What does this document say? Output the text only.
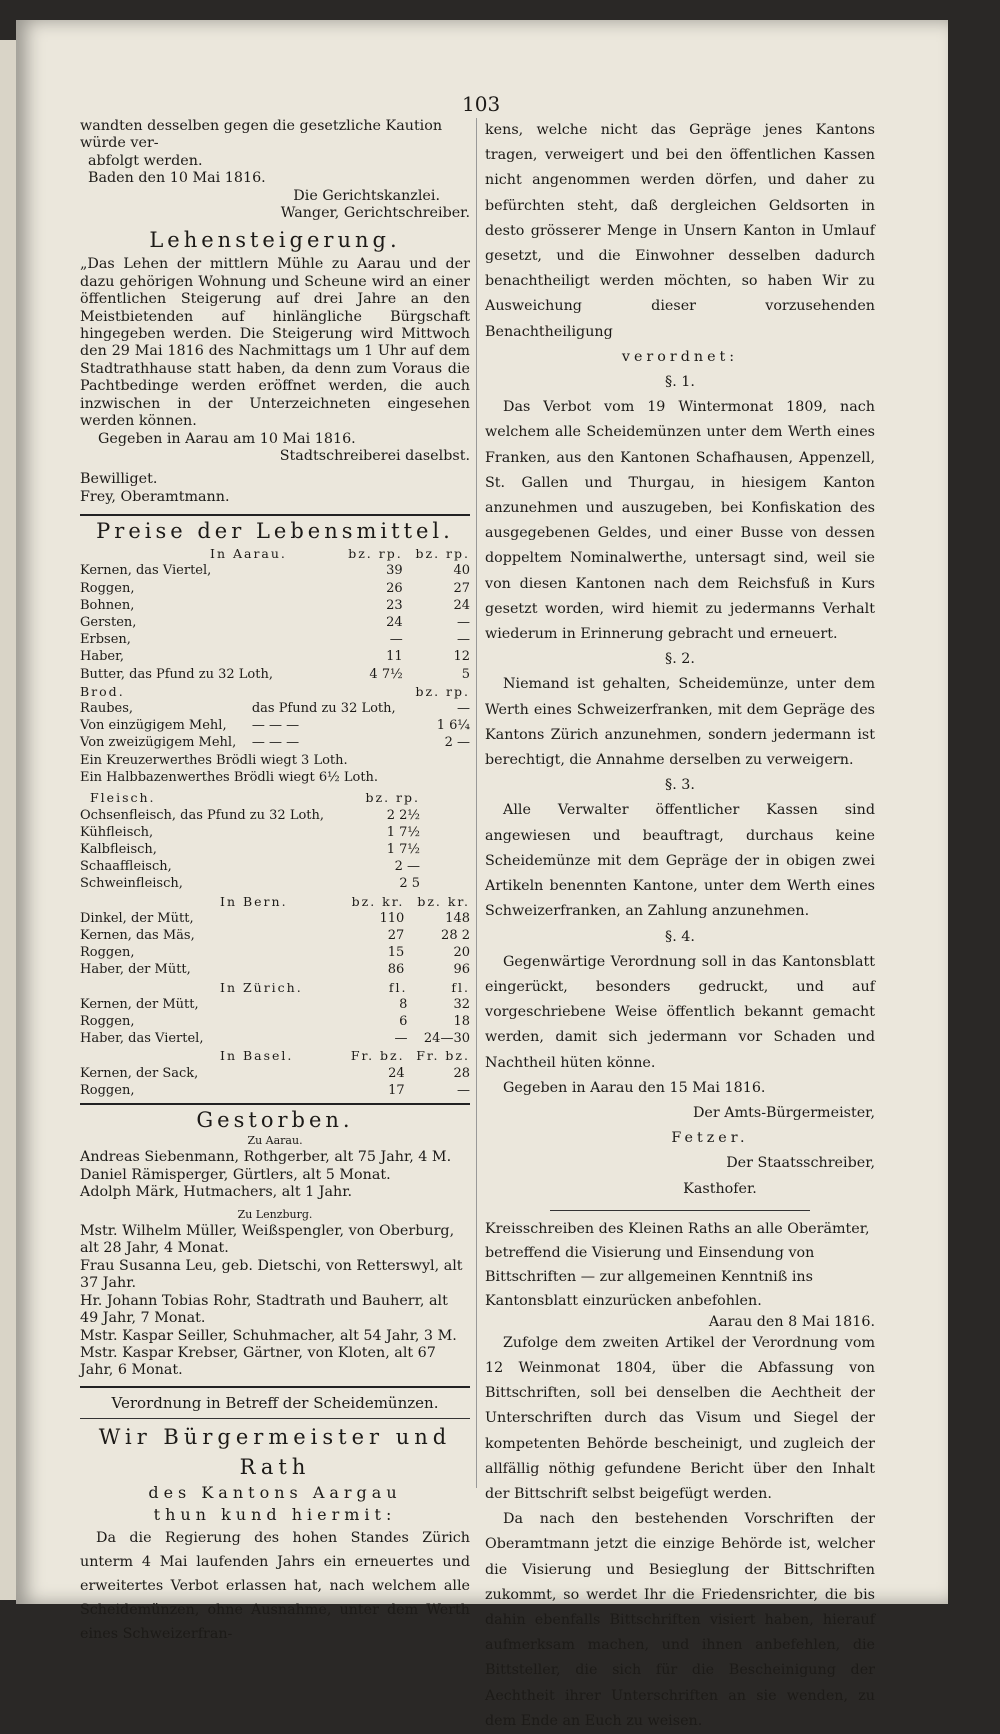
103

wandten desselben gegen die gesetzliche Kaution würde ver-

abfolgt werden.

Baden den 10 Mai 1816.

Die Gerichtskanzlei.

Wanger, Gerichtschreiber.

Lehensteigerung.

„Das Lehen der mittlern Mühle zu Aarau und der dazu gehörigen Wohnung und Scheune wird an einer öffentlichen Steigerung auf drei Jahre an den Meistbietenden auf hinlängliche Bürgschaft hingegeben werden. Die Steigerung wird Mittwoch den 29 Mai 1816 des Nachmittags um 1 Uhr auf dem Stadtrathhause statt haben, da denn zum Voraus die Pachtbedinge werden eröffnet werden, die auch inzwischen in der Unterzeichneten eingesehen werden können.

Gegeben in Aarau am 10 Mai 1816.

Stadtschreiberei daselbst.

Bewilliget.

Frey, Oberamtmann.

Preise der Lebensmittel.
In Aarau.	bz. rp.	bz. rp.
Kernen, das Viertel,	39	40
Roggen,	26	27
Bohnen,	23	24
Gersten,	24	—
Erbsen,	—	—
Haber,	11	12
Butter, das Pfund zu 32 Loth,	4 7½	5
Brod.		bz. rp.
Raubes,	das Pfund zu 32 Loth,	—
Von einzügigem Mehl,	— — —	1 6¼
Von zweizügigem Mehl,	— — —	2 —

Ein Kreuzerwerthes Brödli wiegt 3 Loth.

Ein Halbbazenwerthes Brödli wiegt 6½ Loth.

Fleisch.	bz. rp.
Ochsenfleisch, das Pfund zu 32 Loth,	2 2½
Kühfleisch,	1 7½
Kalbfleisch,	1 7½
Schaaffleisch,	2 —
Schweinfleisch,	2 5
In Bern.	bz. kr.	bz. kr.
Dinkel, der Mütt,	110	148
Kernen, das Mäs,	27	28 2
Roggen,	15	20
Haber, der Mütt,	86	96
In Zürich.	fl.	fl.
Kernen, der Mütt,	8	32
Roggen,	6	18
Haber, das Viertel,	—	24—30
In Basel.	Fr. bz.	Fr. bz.
Kernen, der Sack,	24	28
Roggen,	17	—
Gestorben.

Zu Aarau.

Andreas Siebenmann, Rothgerber, alt 75 Jahr, 4 M.

Daniel Rämisperger, Gürtlers, alt 5 Monat.

Adolph Märk, Hutmachers, alt 1 Jahr.

Zu Lenzburg.

Mstr. Wilhelm Müller, Weißspengler, von Oberburg, alt 28 Jahr, 4 Monat.

Frau Susanna Leu, geb. Dietschi, von Retterswyl, alt 37 Jahr.

Hr. Johann Tobias Rohr, Stadtrath und Bauherr, alt 49 Jahr, 7 Monat.

Mstr. Kaspar Seiller, Schuhmacher, alt 54 Jahr, 3 M.

Mstr. Kaspar Krebser, Gärtner, von Kloten, alt 67 Jahr, 6 Monat.

Verordnung in Betreff der Scheidemünzen.

Wir Bürgermeister und Rath
des Kantons Aargau
thun kund hiermit:

Da die Regierung des hohen Standes Zürich unterm 4 Mai laufenden Jahrs ein erneuertes und erweitertes Verbot erlassen hat, nach welchem alle Scheidemünzen, ohne Ausnahme, unter dem Werth eines Schweizerfran-

kens, welche nicht das Gepräge jenes Kantons tragen, verweigert und bei den öffentlichen Kassen nicht angenommen werden dörfen, und daher zu befürchten steht, daß dergleichen Geldsorten in desto grösserer Menge in Unsern Kanton in Umlauf gesetzt, und die Einwohner desselben dadurch benachtheiligt werden möchten, so haben Wir zu Ausweichung dieser vorzusehenden Benachtheiligung

verordnet:

§. 1.

Das Verbot vom 19 Wintermonat 1809, nach welchem alle Scheidemünzen unter dem Werth eines Franken, aus den Kantonen Schafhausen, Appenzell, St. Gallen und Thurgau, in hiesigem Kanton anzunehmen und auszugeben, bei Konfiskation des ausgegebenen Geldes, und einer Busse von dessen doppeltem Nominalwerthe, untersagt sind, weil sie von diesen Kantonen nach dem Reichsfuß in Kurs gesetzt worden, wird hiemit zu jedermanns Verhalt wiederum in Erinnerung gebracht und erneuert.

§. 2.

Niemand ist gehalten, Scheidemünze, unter dem Werth eines Schweizerfranken, mit dem Gepräge des Kantons Zürich anzunehmen, sondern jedermann ist berechtigt, die Annahme derselben zu verweigern.

§. 3.

Alle Verwalter öffentlicher Kassen sind angewiesen und beauftragt, durchaus keine Scheidemünze mit dem Gepräge der in obigen zwei Artikeln benennten Kantone, unter dem Werth eines Schweizerfranken, an Zahlung anzunehmen.

§. 4.

Gegenwärtige Verordnung soll in das Kantonsblatt eingerückt, besonders gedruckt, und auf vorgeschriebene Weise öffentlich bekannt gemacht werden, damit sich jedermann vor Schaden und Nachtheil hüten könne.

Gegeben in Aarau den 15 Mai 1816.

Der Amts-Bürgermeister,

Fetzer.

Der Staatsschreiber,

Kasthofer.

Kreisschreiben des Kleinen Raths an alle Oberämter, betreffend die Visierung und Einsendung von Bittschriften — zur allgemeinen Kenntniß ins Kantonsblatt einzurücken anbefohlen.

Aarau den 8 Mai 1816.

Zufolge dem zweiten Artikel der Verordnung vom 12 Weinmonat 1804, über die Abfassung von Bittschriften, soll bei denselben die Aechtheit der Unterschriften durch das Visum und Siegel der kompetenten Behörde bescheinigt, und zugleich der allfällig nöthig gefundene Bericht über den Inhalt der Bittschrift selbst beigefügt werden.

Da nach den bestehenden Vorschriften der Oberamtmann jetzt die einzige Behörde ist, welcher die Visierung und Besieglung der Bittschriften zukommt, so werdet Ihr die Friedensrichter, die bis dahin ebenfalls Bittschriften visiert haben, hierauf aufmerksam machen, und ihnen anbefehlen, die Bittsteller, die sich für die Bescheinigung der Aechtheit ihrer Unterschriften an sie wenden, zu dem Ende an Euch zu weisen.
